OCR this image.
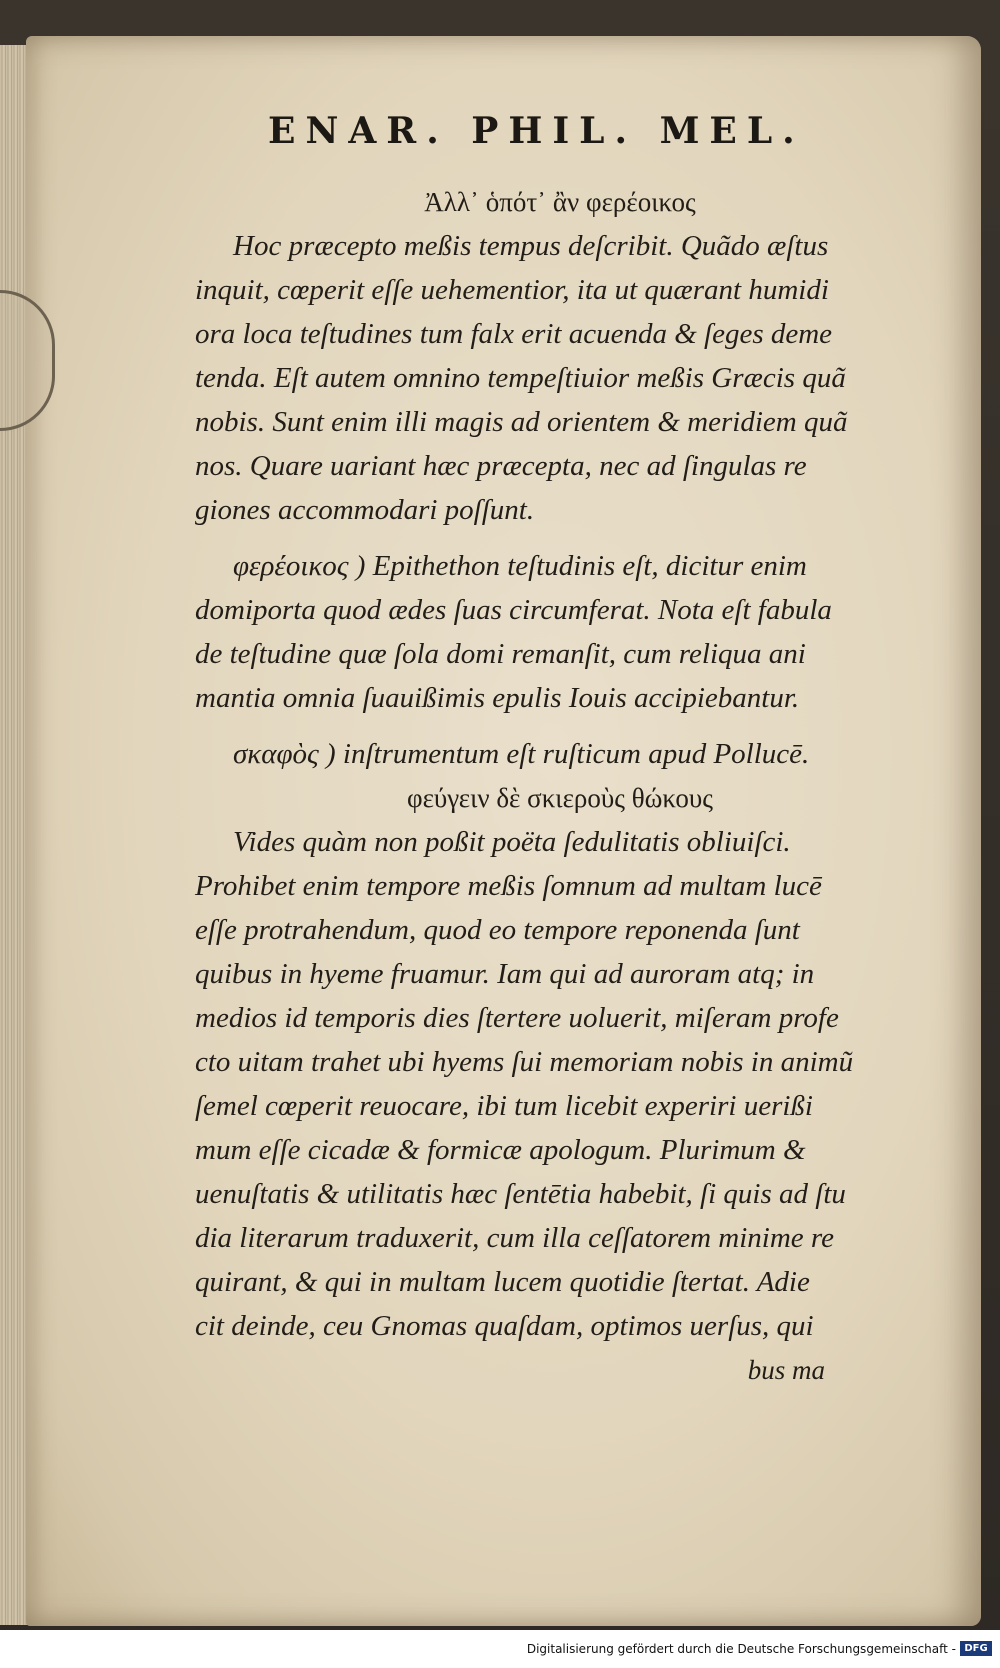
ENAR. PHIL. MEL.
Ἀλλ᾽ ὁπότ᾽ ἂν φερέοικος
Hoc præcepto meßis tempus deſcribit. Quãdo æſtus
inquit, cœperit eſſe uehementior, ita ut quærant humidi
ora loca teſtudines tum falx erit acuenda & ſeges deme
tenda. Eſt autem omnino tempeſtiuior meßis Græcis quã
nobis. Sunt enim illi magis ad orientem & meridiem quã
nos. Quare uariant hæc præcepta, nec ad ſingulas re
giones accommodari poſſunt.
φερέοικος ) Epithethon teſtudinis eſt, dicitur enim
domiporta quod ædes ſuas circumferat. Nota eſt fabula
de teſtudine quæ ſola domi remanſit, cum reliqua ani
mantia omnia ſuauißimis epulis Iouis accipiebantur.
σκαφὸς ) inſtrumentum eſt ruſticum apud Pollucē.
φεύγειν δὲ σκιεροὺς θώκους
Vides quàm non poßit poëta ſedulitatis obliuiſci.
Prohibet enim tempore meßis ſomnum ad multam lucē
eſſe protrahendum, quod eo tempore reponenda ſunt
quibus in hyeme fruamur. Iam qui ad auroram atq; in
medios id temporis dies ſtertere uoluerit, miſeram profe
cto uitam trahet ubi hyems ſui memoriam nobis in animũ
ſemel cœperit reuocare, ibi tum licebit experiri uerißi
mum eſſe cicadæ & formicæ apologum. Plurimum &
uenuſtatis & utilitatis hæc ſentētia habebit, ſi quis ad ſtu
dia literarum traduxerit, cum illa ceſſatorem minime re
quirant, & qui in multam lucem quotidie ſtertat. Adie
cit deinde, ceu Gnomas quaſdam, optimos uerſus, qui
bus ma
Digitalisierung gefördert durch die Deutsche Forschungsgemeinschaft - DFG
